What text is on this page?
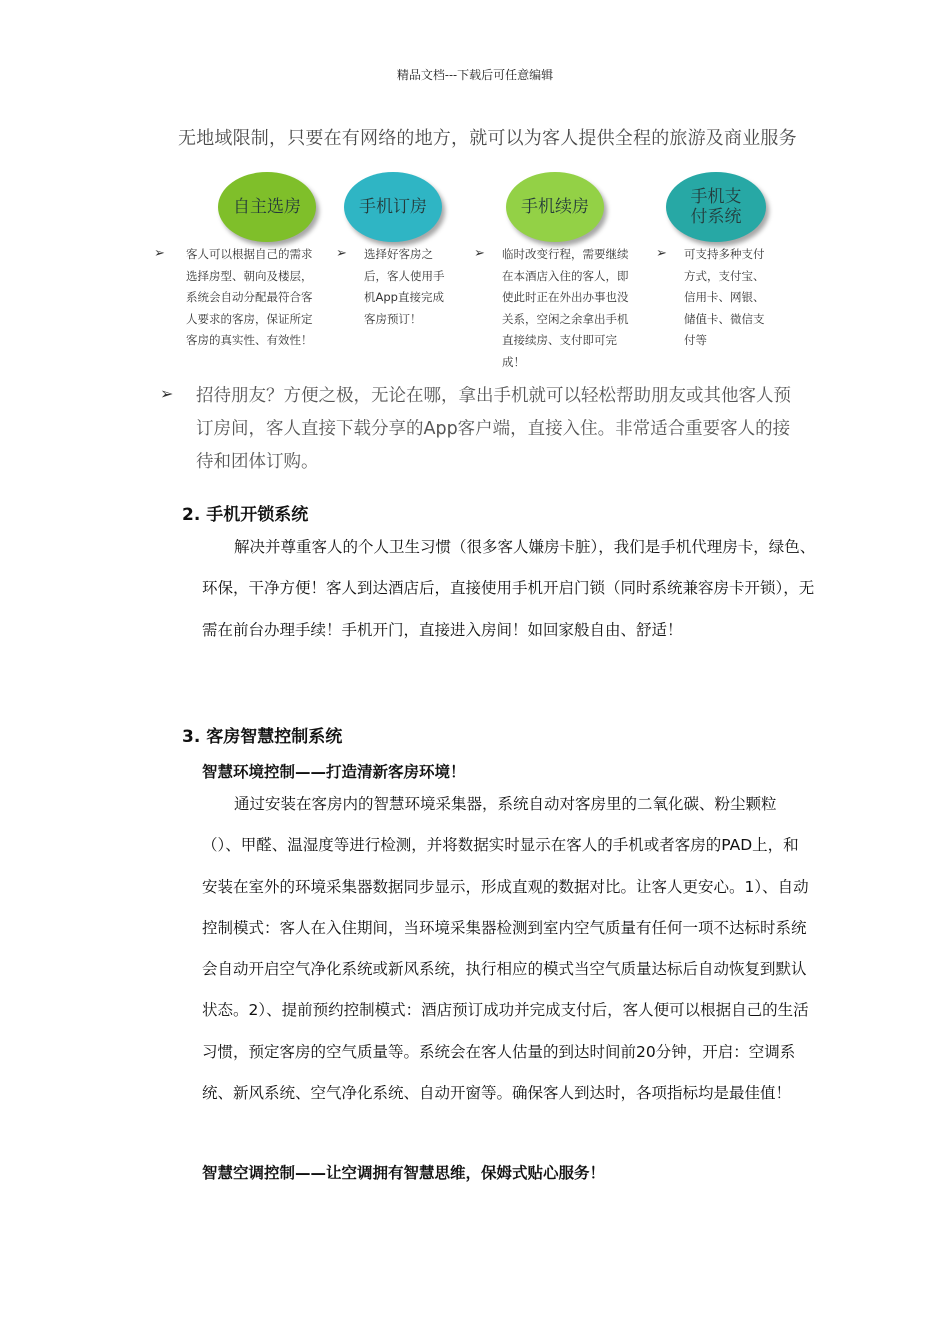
精品文档---下载后可任意编辑
无地域限制，只要在有网络的地方，就可以为客人提供全程的旅游及商业服务
自主选房
➢ 客人可以根据自己的需求选择房型、朝向及楼层，系统会自动分配最符合客人要求的客房，保证所定客房的真实性、有效性！
手机订房
➢ 选择好客房之后，客人使用手机App直接完成客房预订！
手机续房
➢ 临时改变行程，需要继续在本酒店入住的客人，即使此时正在外出办事也没关系，空闲之余拿出手机直接续房、支付即可完成！
手机支付系统
➢ 可支持多种支付方式，支付宝、信用卡、网银、储值卡、微信支付等
➢ 招待朋友？方便之极，无论在哪，拿出手机就可以轻松帮助朋友或其他客人预订房间，客人直接下载分享的App客户端，直接入住。非常适合重要客人的接待和团体订购。
2. 手机开锁系统
解决并尊重客人的个人卫生习惯（很多客人嫌房卡脏），我们是手机代理房卡，绿色、环保，干净方便！客人到达酒店后，直接使用手机开启门锁（同时系统兼容房卡开锁），无需在前台办理手续！手机开门，直接进入房间！如回家般自由、舒适！
3. 客房智慧控制系统
智慧环境控制——打造清新客房环境！
通过安装在客房内的智慧环境采集器，系统自动对客房里的二氧化碳、粉尘颗粒（）、甲醛、温湿度等进行检测，并将数据实时显示在客人的手机或者客房的PAD上，和安装在室外的环境采集器数据同步显示，形成直观的数据对比。让客人更安心。1）、自动控制模式：客人在入住期间，当环境采集器检测到室内空气质量有任何一项不达标时系统会自动开启空气净化系统或新风系统，执行相应的模式当空气质量达标后自动恢复到默认状态。2）、提前预约控制模式：酒店预订成功并完成支付后，客人便可以根据自己的生活习惯，预定客房的空气质量等。系统会在客人估量的到达时间前20分钟，开启：空调系统、新风系统、空气净化系统、自动开窗等。确保客人到达时，各项指标均是最佳值！
智慧空调控制——让空调拥有智慧思维，保姆式贴心服务！
